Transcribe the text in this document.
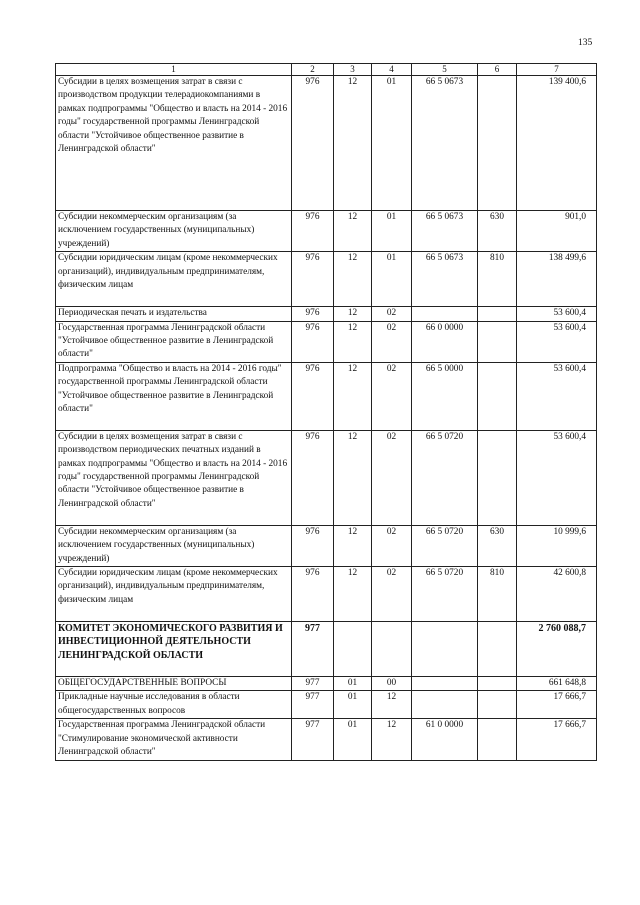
135
1	2	3	4	5	6	7
Субсидии в целях возмещения затрат в связи с производством продукции телерадиокомпаниями в рамках подпрограммы "Общество и власть на 2014 - 2016 годы" государственной программы Ленинградской области "Устойчивое общественное развитие в Ленинградской области"	976	12	01	66 5 0673		139 400,6
Субсидии некоммерческим организациям (за исключением государственных (муниципальных) учреждений)	976	12	01	66 5 0673	630	901,0
Субсидии юридическим лицам (кроме некоммерческих организаций), индивидуальным предпринимателям, физическим лицам	976	12	01	66 5 0673	810	138 499,6
Периодическая печать и издательства	976	12	02			53 600,4
Государственная программа Ленинградской области "Устойчивое общественное развитие в Ленинградской области"	976	12	02	66 0 0000		53 600,4
Подпрограмма "Общество и власть на 2014 - 2016 годы" государственной программы Ленинградской области "Устойчивое общественное развитие в Ленинградской области"	976	12	02	66 5 0000		53 600,4
Субсидии в целях возмещения затрат в связи с производством периодических печатных изданий в рамках подпрограммы "Общество и власть на 2014 - 2016 годы" государственной программы Ленинградской области "Устойчивое общественное развитие в Ленинградской области"	976	12	02	66 5 0720		53 600,4
Субсидии некоммерческим организациям (за исключением государственных (муниципальных) учреждений)	976	12	02	66 5 0720	630	10 999,6
Субсидии юридическим лицам (кроме некоммерческих организаций), индивидуальным предпринимателям, физическим лицам	976	12	02	66 5 0720	810	42 600,8
КОМИТЕТ ЭКОНОМИЧЕСКОГО РАЗВИТИЯ И ИНВЕСТИЦИОННОЙ ДЕЯТЕЛЬНОСТИ ЛЕНИНГРАДСКОЙ ОБЛАСТИ	977					2 760 088,7
ОБЩЕГОСУДАРСТВЕННЫЕ ВОПРОСЫ	977	01	00			661 648,8
Прикладные научные исследования в области общегосударственных вопросов	977	01	12			17 666,7
Государственная программа Ленинградской области "Стимулирование экономической активности Ленинградской области"	977	01	12	61 0 0000		17 666,7
